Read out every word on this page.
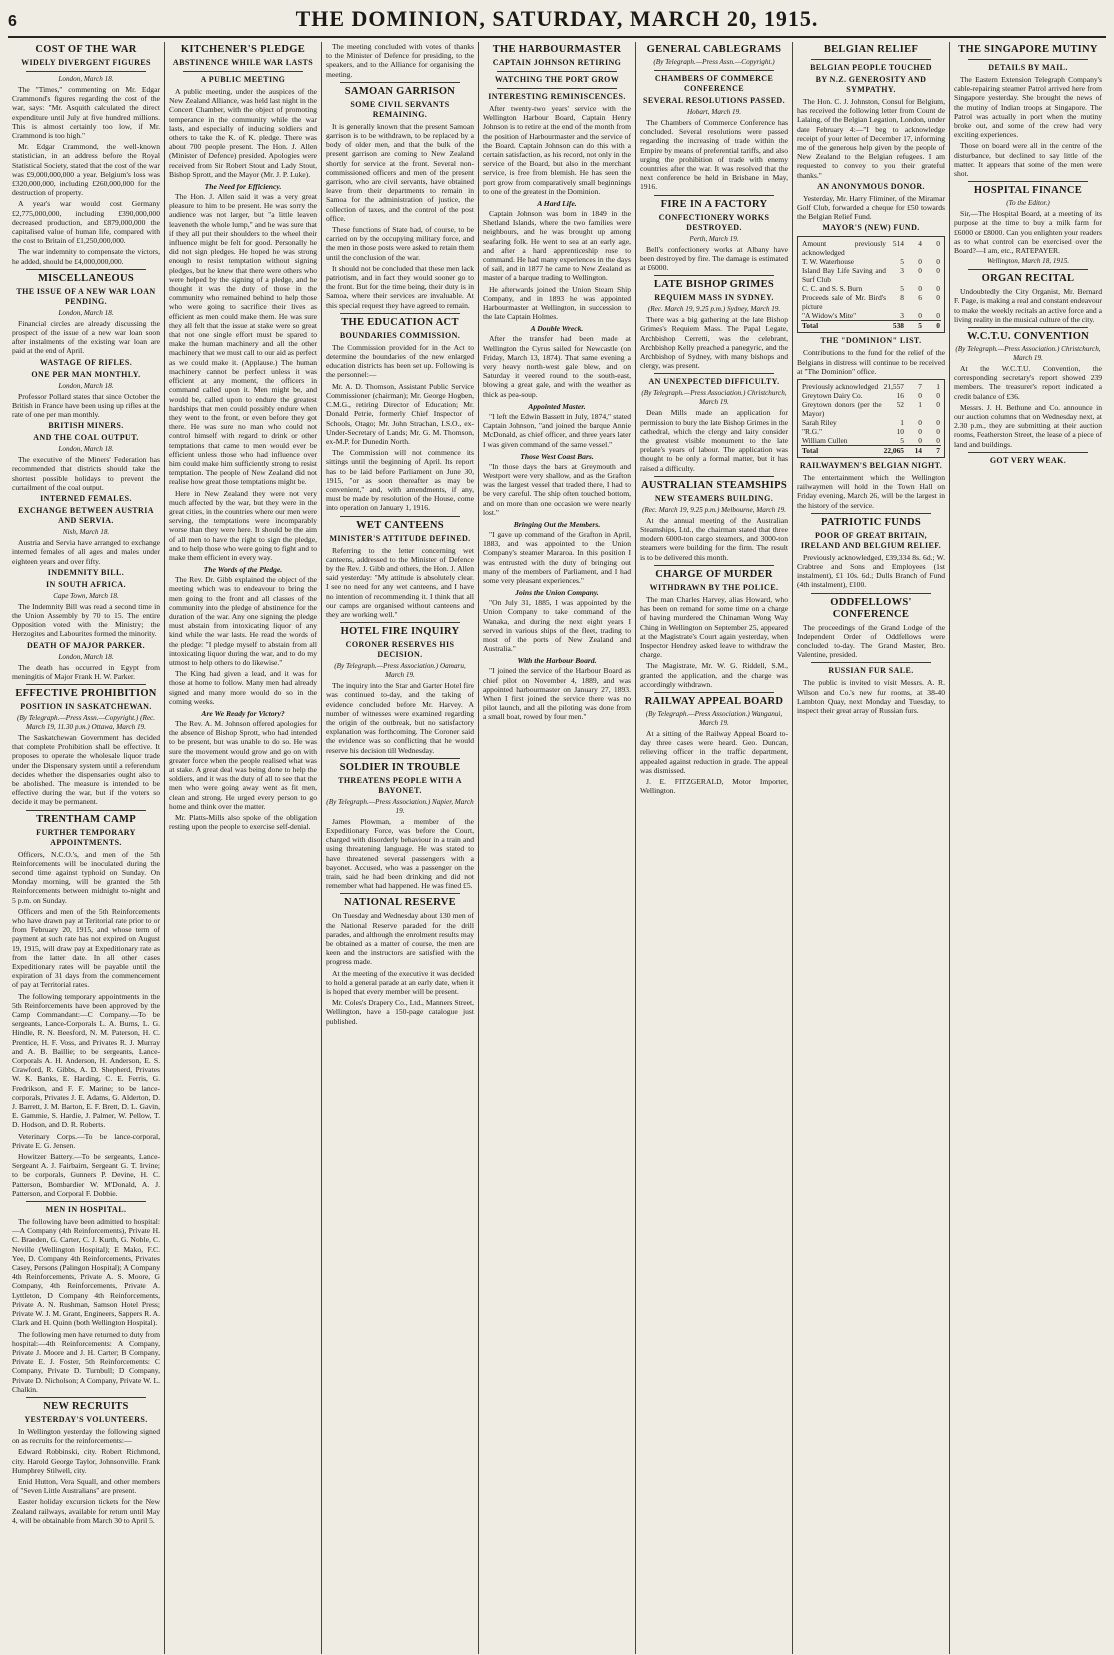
6	THE DOMINION, SATURDAY, MARCH 20, 1915.
COST OF THE WAR
WIDELY DIVERGENT FIGURES
London, March 18.

The "Times," commenting on Mr. Edgar Crammond's figures regarding the cost of the war, says: "Mr. Asquith calculated the direct expenditure until July at five hundred millions. This is almost certainly too low, if Mr. Crammond is too high."

Mr. Edgar Crammond, the well-known statistician, in an address before the Royal Statistical Society, stated that the cost of the war was £9,000,000,000 a year. Belgium's loss was £320,000,000, including £260,000,000 for the destruction of property.

A year's war would cost Germany £2,775,000,000, including £390,000,000 decreased production, and £879,000,000 the capitalised value of human life, compared with the cost to Britain of £1,250,000,000.

The war indemnity to compensate the victors, he added, should be £4,000,000,000.

MISCELLANEOUS
THE ISSUE OF A NEW WAR LOAN PENDING.
London, March 18.

Financial circles are already discussing the prospect of the issue of a new war loan soon after instalments of the existing war loan are paid at the end of April.

WASTAGE OF RIFLES.
ONE PER MAN MONTHLY.
London, March 18.

Professor Pollard states that since October the British in France have been using up rifles at the rate of one per man monthly.

BRITISH MINERS.
AND THE COAL OUTPUT.
London, March 18.

The executive of the Miners' Federation has recommended that districts should take the shortest possible holidays to prevent the curtailment of the coal output.

INTERNED FEMALES.
EXCHANGE BETWEEN AUSTRIA AND SERVIA.
Nish, March 18.

Austria and Servia have arranged to exchange interned females of all ages and males under eighteen years and over fifty.

INDEMNITY BILL.
IN SOUTH AFRICA.
Cape Town, March 18.

The Indemnity Bill was read a second time in the Union Assembly by 70 to 15. The entire Opposition voted with the Ministry; the Herzogites and Labourites formed the minority.

DEATH OF MAJOR PARKER.
London, March 18.

The death has occurred in Egypt from meningitis of Major Frank H. W. Parker.

EFFECTIVE PROHIBITION
POSITION IN SASKATCHEWAN.
(By Telegraph.—Press Assn.—Copyright.) (Rec. March 19, 11.30 p.m.) Ottawa, March 19.

The Saskatchewan Government has decided that complete Prohibition shall be effective. It proposes to operate the wholesale liquor trade under the Dispensary system until a referendum decides whether the dispensaries ought also to be abolished. The measure is intended to be effective during the war, but if the voters so decide it may be permanent.

TRENTHAM CAMP
FURTHER TEMPORARY APPOINTMENTS.

Officers, N.C.O.'s, and men of the 5th Reinforcements will be inoculated during the second time against typhoid on Sunday. On Monday morning, will be granted the 5th Reinforcements between midnight to-night and 5 p.m. on Sunday.

Officers and men of the 5th Reinforcements who have drawn pay at Teritorial rate prior to or from February 20, 1915, and whose term of payment at such rate has not expired on August 19, 1915, will draw pay at Expeditionary rate as from the latter date. In all other cases Expeditionary rates will be payable until the expiration of 31 days from the commencement of pay at Territorial rates.

The following temporary appointments in the 5th Reinforcements have been approved by the Camp Commandant:—C Company.—To be sergeants, Lance-Corporals L. A. Burns, L. G. Hindle, R. N. Beesford, N. M. Paterson, H. C. Prentice, H. F. Voss, and Privates R. J. Murray and A. B. Baillie; to be sergeants, Lance-Corporals A. H. Anderson, H. Anderson, E. S. Crawford, R. Gibbs, A. D. Shepherd, Privates W. K. Banks, E. Harding, C. E. Ferris, G. Fredrikson, and F. F. Marine; to be lance-corporals, Privates J. E. Adams, G. Alderton, D. J. Barrett, J. M. Barton, E. F. Brett, D. L. Gavin, E. Gammie, S. Hardie, J. Palmer, W. Pellow, T. D. Hodson, and D. R. Roberts.

Veterinary Corps.—To be lance-corporal, Private E. G. Jensen.

Howitzer Battery.—To be sergeants, Lance-Sergeant A. J. Fairbairn, Sergeant G. T. Irvine; to be corporals, Gunners P. Devine, H. C. Patterson, Bombardier W. M'Donald, A. J. Patterson, and Corporal F. Dobbie.

MEN IN HOSPITAL.

The following have been admitted to hospital:—A Company (4th Reinforcements), Private H. C. Braeden, G. Carter, C. J. Kurth, G. Noble, C. Neville (Wellington Hospital); E Mako, F.C. Yee, D. Company 4th Reinforcements, Privates Casey, Persons (Palingon Hospital); A Company 4th Reinforcements, Private A. S. Moore, G Company, 4th Reinforcements, Private A. Lyttleton, D Company 4th Reinforcements, Private A. N. Rushman, Samson Hotel Press; Private W. J. M. Grant, Engineers, Sappers R. A. Clark and H. Quinn (both Wellington Hospital).

The following men have returned to duty from hospital:—4th Reinforcements: A Company, Private J. Moore and J. H. Carter; B Company, Private E. J. Foster, 5th Reinforcements: C Company, Private D. Turnbull; D Company, Private D. Nicholson; A Company, Private W. L. Chalkin.

NEW RECRUITS
YESTERDAY'S VOLUNTEERS.

In Wellington yesterday the following signed on as recruits for the reinforcements:—

Edward Robbinski, city. Robert Richmond, city. Harold George Taylor, Johnsonville. Frank Humphrey Stilwell, city.

Enid Hutton, Vera Squall, and other members of "Seven Little Australians" are present.

Easter holiday excursion tickets for the New Zealand railways, available for return until May 4, will be obtainable from March 30 to April 5.

KITCHENER'S PLEDGE
ABSTINENCE WHILE WAR LASTS
A PUBLIC MEETING

A public meeting, under the auspices of the New Zealand Alliance, was held last night in the Concert Chamber, with the object of promoting temperance in the community while the war lasts, and especially of inducing soldiers and others to take the K. of K. pledge. There was about 700 people present. The Hon. J. Allen (Minister of Defence) presided. Apologies were received from Sir Robert Stout and Lady Stout, Bishop Sprott, and the Mayor (Mr. J. P. Luke).

The Need for Efficiency.

The Hon. J. Allen said it was a very great pleasure to him to be present. He was sorry the audience was not larger, but "a little leaven leaveneth the whole lump," and he was sure that if they all put their shoulders to the wheel their influence might be felt for good. Personally he did not sign pledges. He hoped he was strong enough to resist temptation without signing pledges, but he knew that there were others who were helped by the signing of a pledge, and he thought it was the duty of those in the community who remained behind to help those who were going to sacrifice their lives as efficient as men could make them. He was sure they all felt that the issue at stake were so great that not one single effort must be spared to make the human machinery and all the other machinery that we must call to our aid as perfect as we could make it. (Applause.) The human machinery cannot be perfect unless it was efficient at any moment, the officers in command called upon it. Men might be, and would be, called upon to endure the greatest hardships that men could possibly endure when they went to the front, or even before they got there. He was sure no man who could not control himself with regard to drink or other temptations that came to men would ever be efficient unless those who had influence over him could make him sufficiently strong to resist temptation. The people of New Zealand did not realise how great those temptations might be.

Here in New Zealand they were not very much affected by the war, but they were in the great cities, in the countries where our men were serving, the temptations were incomparably worse than they were here. It should be the aim of all men to have the right to sign the pledge, and to help those who were going to fight and to make them efficient in every way.

The Words of the Pledge.

The Rev. Dr. Gibb explained the object of the meeting which was to endeavour to bring the men going to the front and all classes of the community into the pledge of abstinence for the duration of the war. Any one signing the pledge must abstain from intoxicating liquor of any kind while the war lasts. He read the words of the pledge: "I pledge myself to abstain from all intoxicating liquor during the war, and to do my utmost to help others to do likewise."

The King had given a lead, and it was for those at home to follow. Many men had already signed and many more would do so in the coming weeks.

Are We Ready for Victory?

The Rev. A. M. Johnson offered apologies for the absence of Bishop Sprott, who had intended to be present, but was unable to do so. He was sure the movement would grow and go on with greater force when the people realised what was at stake. A great deal was being done to help the soldiers, and it was the duty of all to see that the men who were going away went as fit men, clean and strong. He urged every person to go home and think over the matter.

Mr. Platts-Mills also spoke of the obligation resting upon the people to exercise self-denial.

The meeting concluded with votes of thanks to the Minister of Defence for presiding, to the speakers, and to the Alliance for organising the meeting.

SAMOAN GARRISON
SOME CIVIL SERVANTS REMAINING.

It is generally known that the present Samoan garrison is to be withdrawn, to be replaced by a body of older men, and that the bulk of the present garrison are coming to New Zealand shortly for service at the front. Several non-commissioned officers and men of the present garrison, who are civil servants, have obtained leave from their departments to remain in Samoa for the administration of justice, the collection of taxes, and the control of the post office.

These functions of State had, of course, to be carried on by the occupying military force, and the men in those posts were asked to retain them until the conclusion of the war.

It should not be concluded that these men lack patriotism, and in fact they would sooner go to the front. But for the time being, their duty is in Samoa, where their services are invaluable. At this special request they have agreed to remain.

THE EDUCATION ACT
BOUNDARIES COMMISSION.

The Commission provided for in the Act to determine the boundaries of the new enlarged education districts has been set up. Following is the personnel:—

Mr. A. D. Thomson, Assistant Public Service Commissioner (chairman); Mr. George Hogben, C.M.G., retiring Director of Education; Mr. Donald Petrie, formerly Chief Inspector of Schools, Otago; Mr. John Strachan, I.S.O., ex-Under-Secretary of Lands; Mr. G. M. Thomson, ex-M.P. for Dunedin North.

The Commission will not commence its sittings until the beginning of April. Its report has to be laid before Parliament on June 30, 1915, "or as soon thereafter as may be convenient," and, with amendments, if any, must be made by resolution of the House, come into operation on January 1, 1916.

WET CANTEENS
MINISTER'S ATTITUDE DEFINED.

Referring to the letter concerning wet canteens, addressed to the Minister of Defence by the Rev. J. Gibb and others, the Hon. J. Allen said yesterday: "My attitude is absolutely clear. I see no need for any wet canteens, and I have no intention of recommending it. I think that all our camps are organised without canteens and they are working well."

HOTEL FIRE INQUIRY
CORONER RESERVES HIS DECISION.
(By Telegraph.—Press Association.) Oamaru, March 19.

The inquiry into the Star and Garter Hotel fire was continued to-day, and the taking of evidence concluded before Mr. Harvey. A number of witnesses were examined regarding the origin of the outbreak, but no satisfactory explanation was forthcoming. The Coroner said the evidence was so conflicting that he would reserve his decision till Wednesday.

SOLDIER IN TROUBLE
THREATENS PEOPLE WITH A BAYONET.
(By Telegraph.—Press Association.) Napier, March 19.

James Plowman, a member of the Expeditionary Force, was before the Court, charged with disorderly behaviour in a train and using threatening language. He was stated to have threatened several passengers with a bayonet. Accused, who was a passenger on the train, said he had been drinking and did not remember what had happened. He was fined £5.

NATIONAL RESERVE

On Tuesday and Wednesday about 130 men of the National Reserve paraded for the drill parades, and although the enrolment results may be obtained as a matter of course, the men are keen and the instructors are satisfied with the progress made.

At the meeting of the executive it was decided to hold a general parade at an early date, when it is hoped that every member will be present.

Mr. Coles's Drapery Co., Ltd., Manners Street, Wellington, have a 150-page catalogue just published.

THE HARBOURMASTER
CAPTAIN JOHNSON RETIRING
WATCHING THE PORT GROW
INTERESTING REMINISCENCES.

After twenty-two years' service with the Wellington Harbour Board, Captain Henry Johnson is to retire at the end of the month from the position of Harbourmaster and the service of the Board. Captain Johnson can do this with a certain satisfaction, as his record, not only in the service of the Board, but also in the merchant service, is free from blemish. He has seen the port grow from comparatively small beginnings to one of the greatest in the Dominion.

A Hard Life.

Captain Johnson was born in 1849 in the Shetland Islands, where the two families were neighbours, and he was brought up among seafaring folk. He went to sea at an early age, and after a hard apprenticeship rose to command. He had many experiences in the days of sail, and in 1877 he came to New Zealand as master of a barque trading to Wellington.

He afterwards joined the Union Steam Ship Company, and in 1893 he was appointed Harbourmaster at Wellington, in succession to the late Captain Holmes.

A Double Wreck.

After the transfer had been made at Wellington the Cyrus sailed for Newcastle (on Friday, March 13, 1874). That same evening a very heavy north-west gale blew, and on Saturday it veered round to the south-east, blowing a great gale, and with the weather as thick as pea-soup.

Appointed Master.

"I left the Edwin Bassett in July, 1874," stated Captain Johnson, "and joined the barque Annie McDonald, as chief officer, and three years later I was given command of the same vessel."

Those West Coast Bars.

"In those days the bars at Greymouth and Westport were very shallow, and as the Grafton was the largest vessel that traded there, I had to be very careful. The ship often touched bottom, and on more than one occasion we were nearly lost."

Bringing Out the Members.

"I gave up command of the Grafton in April, 1883, and was appointed to the Union Company's steamer Mararoa. In this position I was entrusted with the duty of bringing out many of the members of Parliament, and I had some very pleasant experiences."

Joins the Union Company.

"On July 31, 1885, I was appointed by the Union Company to take command of the Wanaka, and during the next eight years I served in various ships of the fleet, trading to most of the ports of New Zealand and Australia."

With the Harbour Board.

"I joined the service of the Harbour Board as chief pilot on November 4, 1889, and was appointed harbourmaster on January 27, 1893. When I first joined the service there was no pilot launch, and all the piloting was done from a small boat, rowed by four men."

GENERAL CABLEGRAMS
(By Telegraph.—Press Assn.—Copyright.)
CHAMBERS OF COMMERCE CONFERENCE
SEVERAL RESOLUTIONS PASSED.
Hobart, March 19.

The Chambers of Commerce Conference has concluded. Several resolutions were passed regarding the increasing of trade within the Empire by means of preferential tariffs, and also urging the prohibition of trade with enemy countries after the war. It was resolved that the next conference be held in Brisbane in May, 1916.

FIRE IN A FACTORY
CONFECTIONERY WORKS DESTROYED.
Perth, March 19.

Bell's confectionery works at Albany have been destroyed by fire. The damage is estimated at £6000.

LATE BISHOP GRIMES
REQUIEM MASS IN SYDNEY.
(Rec. March 19, 9.25 p.m.) Sydney, March 19.

There was a big gathering at the late Bishop Grimes's Requiem Mass. The Papal Legate, Archbishop Cerretti, was the celebrant, Archbishop Kelly preached a panegyric, and the Archbishop of Sydney, with many bishops and clergy, was present.

AN UNEXPECTED DIFFICULTY.
(By Telegraph.—Press Association.) Christchurch, March 19.

Dean Mills made an application for permission to bury the late Bishop Grimes in the cathedral, which the clergy and laity consider the greatest visible monument to the late prelate's years of labour. The application was thought to be only a formal matter, but it has raised a difficulty.

AUSTRALIAN STEAMSHIPS
NEW STEAMERS BUILDING.
(Rec. March 19, 9.25 p.m.) Melbourne, March 19.

At the annual meeting of the Australian Steamships, Ltd., the chairman stated that three modern 6000-ton cargo steamers, and 3000-ton steamers were building for the firm. The result is to be delivered this month.

CHARGE OF MURDER
WITHDRAWN BY THE POLICE.

The man Charles Harvey, alias Howard, who has been on remand for some time on a charge of having murdered the Chinaman Wong Way Ching in Wellington on September 25, appeared at the Magistrate's Court again yesterday, when Inspector Hendrey asked leave to withdraw the charge.

The Magistrate, Mr. W. G. Riddell, S.M., granted the application, and the charge was accordingly withdrawn.

RAILWAY APPEAL BOARD
(By Telegraph.—Press Association.) Wanganui, March 19.

At a sitting of the Railway Appeal Board to-day three cases were heard. Geo. Duncan, relieving officer in the traffic department, appealed against reduction in grade. The appeal was dismissed.

J. E. FITZGERALD, Motor Importer, Wellington.

BELGIAN RELIEF
BELGIAN PEOPLE TOUCHED
BY N.Z. GENEROSITY AND SYMPATHY.

The Hon. C. J. Johnston, Consul for Belgium, has received the following letter from Count de Lalaing, of the Belgian Legation, London, under date February 4:—"I beg to acknowledge receipt of your letter of December 17, informing me of the generous help given by the people of New Zealand to the Belgian refugees. I am requested to convey to you their grateful thanks."

AN ANONYMOUS DONOR.

Yesterday, Mr. Harry Fliminer, of the Miramar Golf Club, forwarded a cheque for £50 towards the Belgian Relief Fund.

MAYOR'S (NEW) FUND.
Amount previously acknowledged	514	4	0
T. W. Waterhouse	5	0	0
Island Bay Life Saving and Surf Club	3	0	0
C. C. and S. S. Burn	5	0	0
Proceeds sale of Mr. Bird's picture	8	6	0
"A Widow's Mite"	3	0	0
Total	538	5	0
THE "DOMINION" LIST.

Contributions to the fund for the relief of the Belgians in distress will continue to be received at "The Dominion" office.

Previously acknowledged	21,557	7	1
Greytown Dairy Co.	16	0	0
Greytown donors (per the Mayor)	52	1	0
Sarah Riley	1	0	0
"R.G."	10	0	0
William Cullen	5	0	0
Total	22,065	14	7
RAILWAYMEN'S BELGIAN NIGHT.

The entertainment which the Wellington railwaymen will hold in the Town Hall on Friday evening, March 26, will be the largest in the history of the service.

PATRIOTIC FUNDS
POOR OF GREAT BRITAIN, IRELAND AND BELGIUM RELIEF.

Previously acknowledged, £39,334 8s. 6d.; W. Crabtree and Sons and Employees (1st instalment), £1 10s. 6d.; Dulls Branch of Fund (4th instalment), £100.

ODDFELLOWS' CONFERENCE

The proceedings of the Grand Lodge of the Independent Order of Oddfellows were concluded to-day. The Grand Master, Bro. Valentine, presided.

RUSSIAN FUR SALE.

The public is invited to visit Messrs. A. R. Wilson and Co.'s new fur rooms, at 38-40 Lambton Quay, next Monday and Tuesday, to inspect their great array of Russian furs.

THE SINGAPORE MUTINY
DETAILS BY MAIL.

The Eastern Extension Telegraph Company's cable-repairing steamer Patrol arrived here from Singapore yesterday. She brought the news of the mutiny of Indian troops at Singapore. The Patrol was actually in port when the mutiny broke out, and some of the crew had very exciting experiences.

Those on board were all in the centre of the disturbance, but declined to say little of the matter. It appears that some of the men were shot.

HOSPITAL FINANCE
(To the Editor.)

Sir,—The Hospital Board, at a meeting of its purpose at the time to buy a milk farm for £6000 or £8000. Can you enlighten your readers as to what control can be exercised over the Board?—I am, etc., RATEPAYER.

Wellington, March 18, 1915.
ORGAN RECITAL

Undoubtedly the City Organist, Mr. Bernard F. Page, is making a real and constant endeavour to make the weekly recitals an active force and a living reality in the musical culture of the city.

W.C.T.U. CONVENTION
(By Telegraph.—Press Association.) Christchurch, March 19.

At the W.C.T.U. Convention, the corresponding secretary's report showed 239 members. The treasurer's report indicated a credit balance of £36.

Messrs. J. H. Bethune and Co. announce in our auction columns that on Wednesday next, at 2.30 p.m., they are submitting at their auction rooms, Featherston Street, the lease of a piece of land and buildings.

GOT VERY WEAK.
